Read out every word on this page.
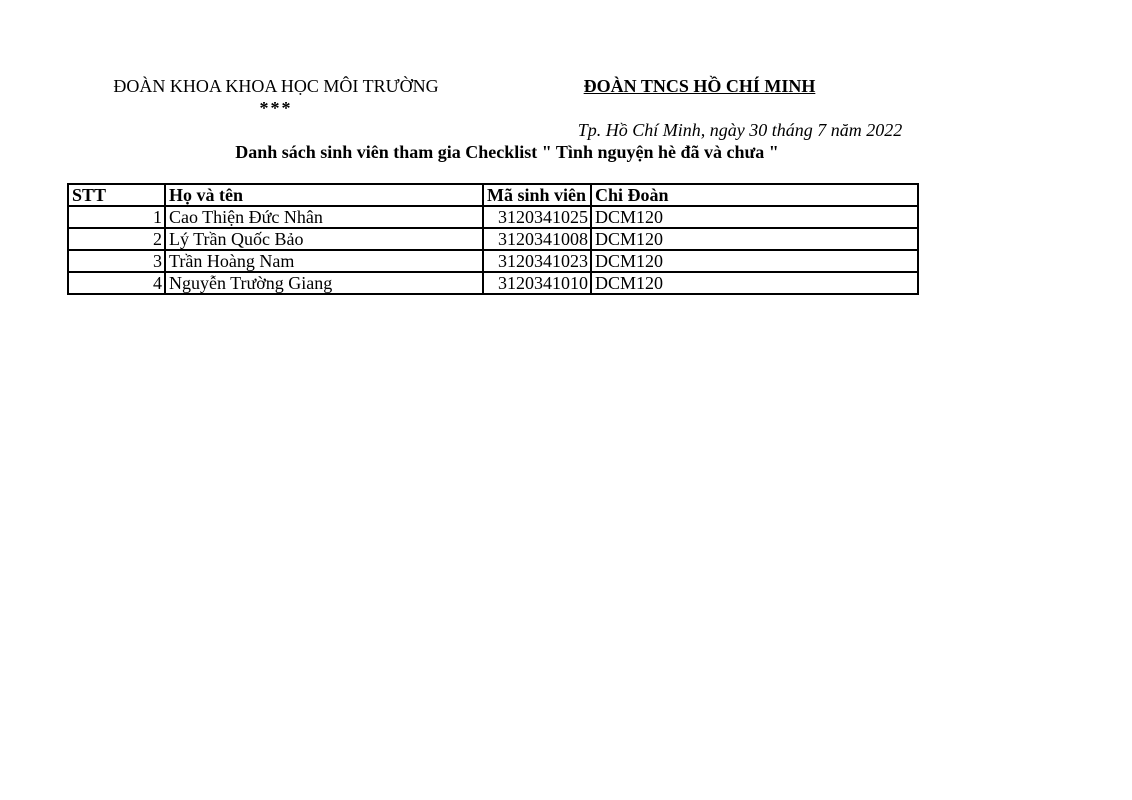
ĐOÀN KHOA KHOA HỌC MÔI TRƯỜNG
***
ĐOÀN TNCS HỒ CHÍ MINH
Tp. Hồ Chí Minh, ngày 30 tháng 7 năm 2022
Danh sách sinh viên tham gia Checklist " Tình nguyện hè đã và chưa "
STT	Họ và tên	Mã sinh viên	Chi Đoàn
1	Cao Thiện Đức Nhân	3120341025	DCM120
2	Lý Trần Quốc Bảo	3120341008	DCM120
3	Trần Hoàng Nam	3120341023	DCM120
4	Nguyễn Trường Giang	3120341010	DCM120
